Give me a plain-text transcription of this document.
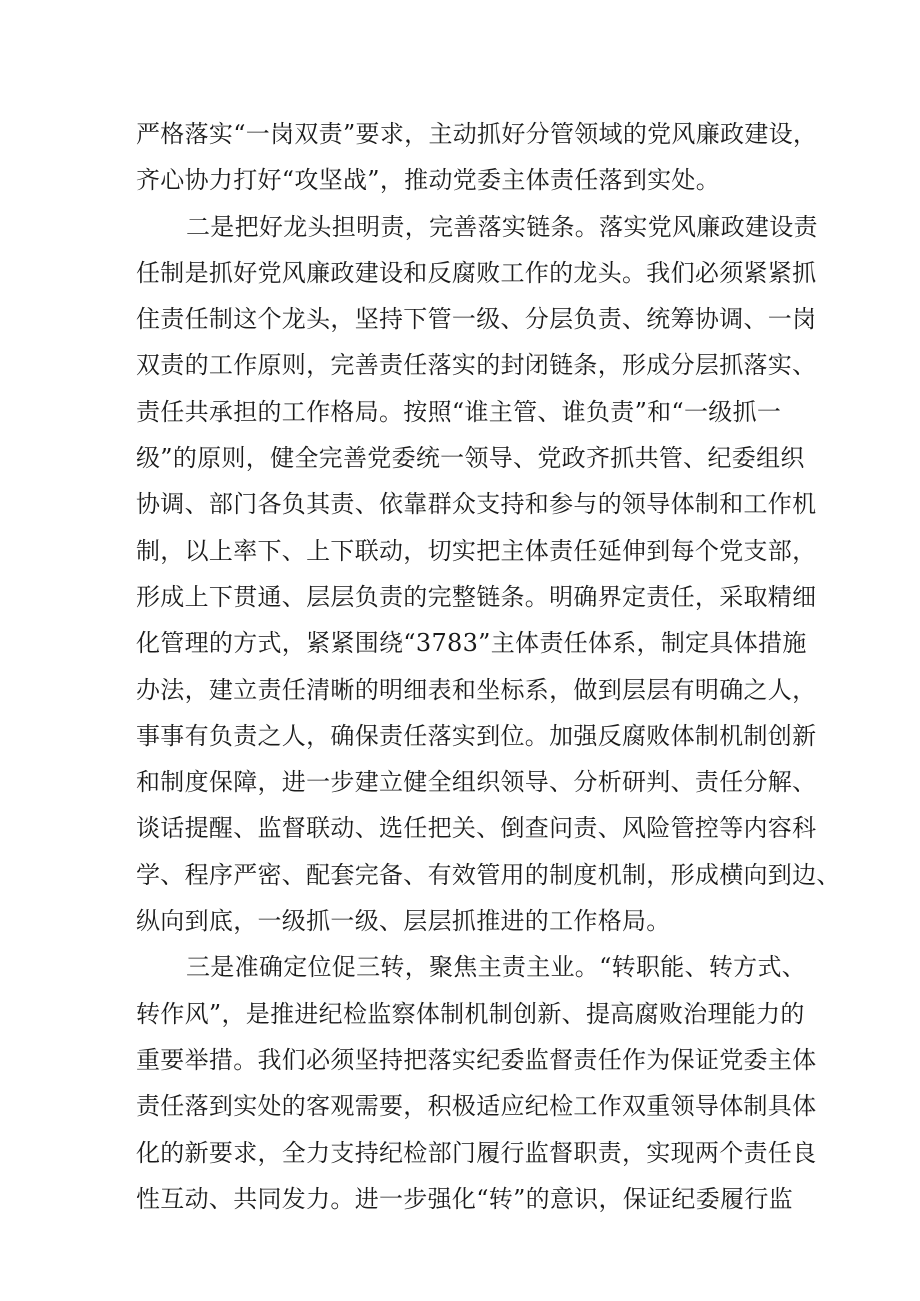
严格落实“一岗双责”要求，主动抓好分管领域的党风廉政建设，
齐心协力打好“攻坚战”，推动党委主体责任落到实处。
二是把好龙头担明责，完善落实链条。落实党风廉政建设责
任制是抓好党风廉政建设和反腐败工作的龙头。我们必须紧紧抓
住责任制这个龙头，坚持下管一级、分层负责、统筹协调、一岗
双责的工作原则，完善责任落实的封闭链条，形成分层抓落实、
责任共承担的工作格局。按照“谁主管、谁负责”和“一级抓一
级”的原则，健全完善党委统一领导、党政齐抓共管、纪委组织
协调、部门各负其责、依靠群众支持和参与的领导体制和工作机
制，以上率下、上下联动，切实把主体责任延伸到每个党支部，
形成上下贯通、层层负责的完整链条。明确界定责任，采取精细
化管理的方式，紧紧围绕“3783”主体责任体系，制定具体措施
办法，建立责任清晰的明细表和坐标系，做到层层有明确之人，
事事有负责之人，确保责任落实到位。加强反腐败体制机制创新
和制度保障，进一步建立健全组织领导、分析研判、责任分解、
谈话提醒、监督联动、选任把关、倒查问责、风险管控等内容科
学、程序严密、配套完备、有效管用的制度机制，形成横向到边、
纵向到底，一级抓一级、层层抓推进的工作格局。
三是准确定位促三转，聚焦主责主业。“转职能、转方式、
转作风”，是推进纪检监察体制机制创新、提高腐败治理能力的
重要举措。我们必须坚持把落实纪委监督责任作为保证党委主体
责任落到实处的客观需要，积极适应纪检工作双重领导体制具体
化的新要求，全力支持纪检部门履行监督职责，实现两个责任良
性互动、共同发力。进一步强化“转”的意识，保证纪委履行监
